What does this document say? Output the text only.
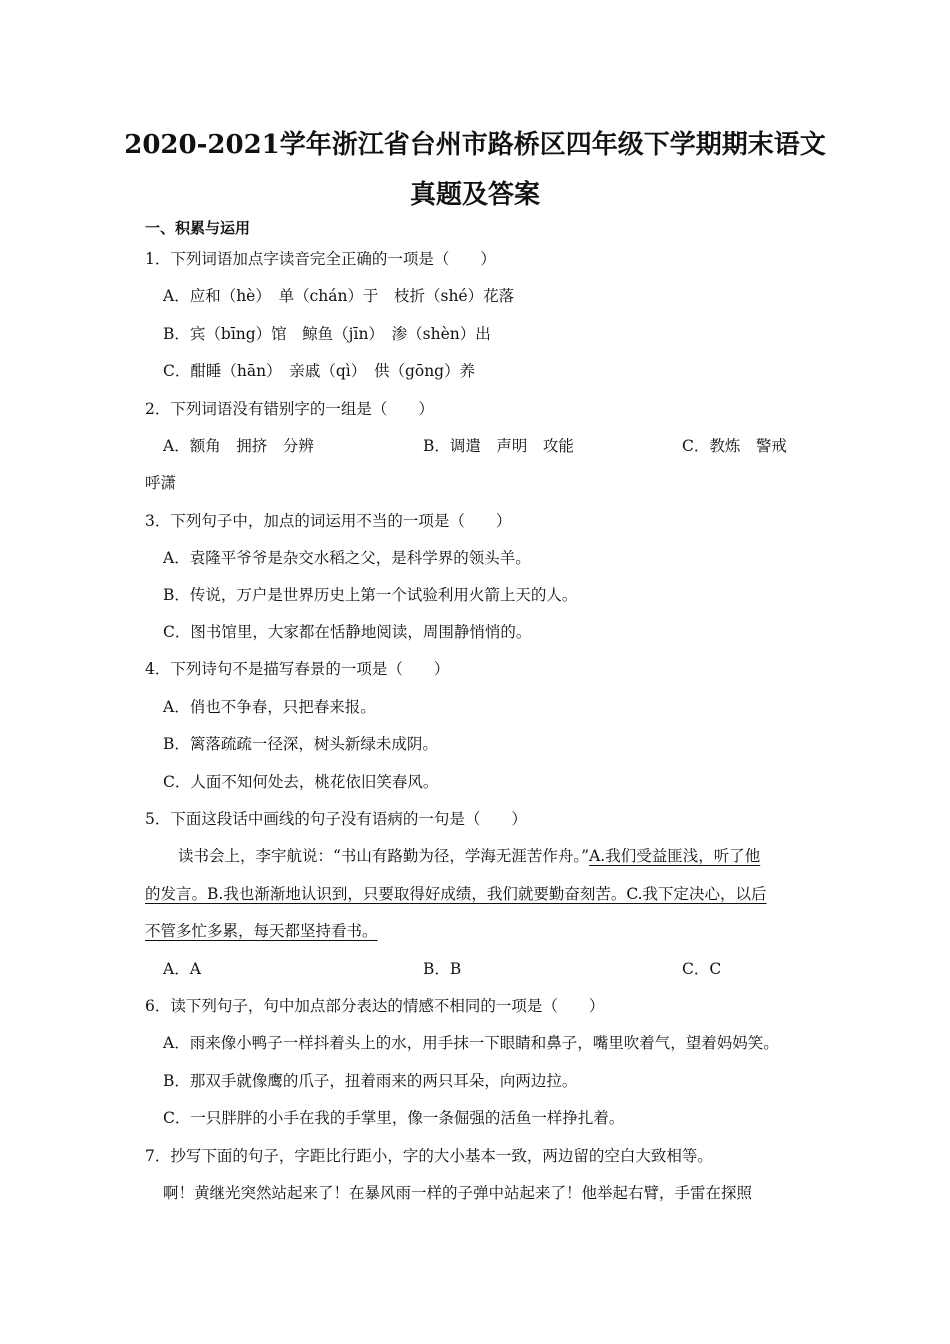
2020-2021学年浙江省台州市路桥区四年级下学期期末语文
真题及答案
一、积累与运用
1．下列词语加点字读音完全正确的一项是（　　）
A．应和（hè）　单（chán）于　枝折（shé）花落
B．宾（bīng）馆　鲸鱼（jīn）　渗（shèn）出
C．酣睡（hān）　亲戚（qì）　供（gōng）养
2．下列词语没有错别字的一组是（　　）
A．额角　拥挤　分辨	B．调遣　声明　攻能	C．教炼　警戒
呼潇
3．下列句子中，加点的词运用不当的一项是（　　）
A．袁隆平爷爷是杂交水稻之父，是科学界的领头羊。
B．传说，万户是世界历史上第一个试验利用火箭上天的人。
C．图书馆里，大家都在恬静地阅读，周围静悄悄的。
4．下列诗句不是描写春景的一项是（　　）
A．俏也不争春，只把春来报。
B．篱落疏疏一径深，树头新绿未成阴。
C．人面不知何处去，桃花依旧笑春风。
5．下面这段话中画线的句子没有语病的一句是（　　）
读书会上，李宇航说：“书山有路勤为径，学海无涯苦作舟。”A.我们受益匪浅，听了他
的发言。B.我也渐渐地认识到，只要取得好成绩，我们就要勤奋刻苦。C.我下定决心，以后
不管多忙多累，每天都坚持看书。
A．A	B．B	C．C
6．读下列句子，句中加点部分表达的情感不相同的一项是（　　）
A．雨来像小鸭子一样抖着头上的水，用手抹一下眼睛和鼻子，嘴里吹着气，望着妈妈笑。
B．那双手就像鹰的爪子，扭着雨来的两只耳朵，向两边拉。
C．一只胖胖的小手在我的手掌里，像一条倔强的活鱼一样挣扎着。
7．抄写下面的句子，字距比行距小，字的大小基本一致，两边留的空白大致相等。
啊！黄继光突然站起来了！在暴风雨一样的子弹中站起来了！他举起右臂，手雷在探照
